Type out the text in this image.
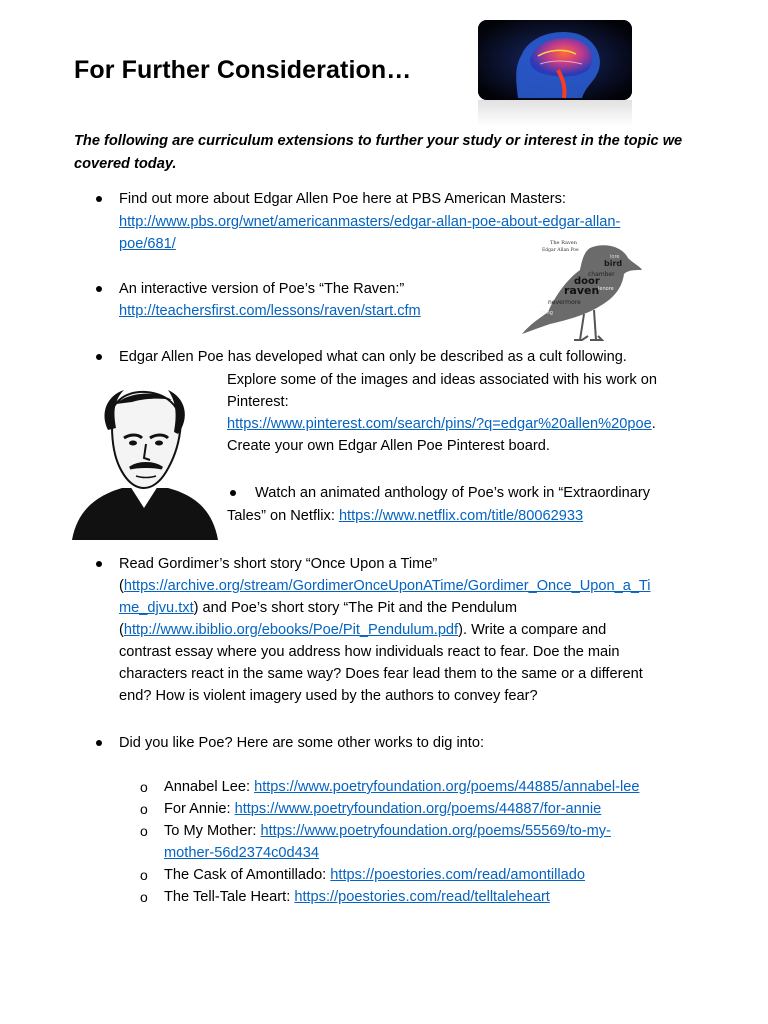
For Further Consideration…

The following are curriculum extensions to further your study or interest in the topic we covered today.

Find out more about Edgar Allen Poe here at PBS American Masters:

http://www.pbs.org/wnet/americanmasters/edgar-allan-poe-about-edgar-allan-

poe/681/	The Raven
Edgar Allan Poe
bird
door
raven
chamber
nevermore
lenore
thing
lore

An interactive version of Poe’s “The Raven:”

http://teachersfirst.com/lessons/raven/start.cfm

Edgar Allen Poe has developed what can only be described as a cult following.

Explore some of the images and ideas associated with his work on

Pinterest:

https://www.pinterest.com/search/pins/?q=edgar%20allen%20poe.

Create your own Edgar Allen Poe Pinterest board.

Watch an animated anthology of Poe’s work in “Extraordinary

Tales” on Netflix: https://www.netflix.com/title/80062933

Read Gordimer’s short story “Once Upon a Time”

(https://archive.org/stream/GordimerOnceUponATime/Gordimer_Once_Upon_a_Ti

me_djvu.txt) and Poe’s short story “The Pit and the Pendulum

(http://www.ibiblio.org/ebooks/Poe/Pit_Pendulum.pdf). Write a compare and

contrast essay where you address how individuals react to fear. Doe the main

characters react in the same way? Does fear lead them to the same or a different

end? How is violent imagery used by the authors to convey fear?

Did you like Poe? Here are some other works to dig into:

o Annabel Lee: https://www.poetryfoundation.org/poems/44885/annabel-lee

o For Annie: https://www.poetryfoundation.org/poems/44887/for-annie

o To My Mother: https://www.poetryfoundation.org/poems/55569/to-my-

mother-56d2374c0d434

o The Cask of Amontillado: https://poestories.com/read/amontillado

o The Tell-Tale Heart: https://poestories.com/read/telltaleheart
